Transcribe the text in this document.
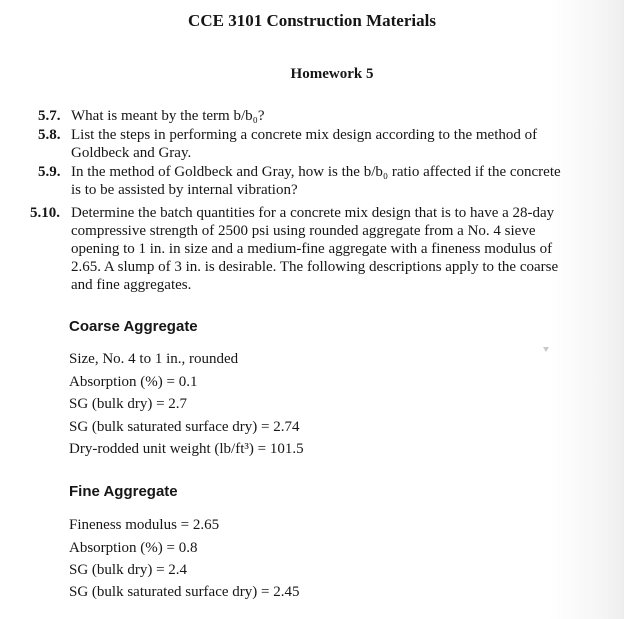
CCE 3101 Construction Materials
Homework 5
5.7. What is meant by the term b/b₀?
5.8. List the steps in performing a concrete mix design according to the method of
Goldbeck and Gray.
5.9. In the method of Goldbeck and Gray, how is the b/b₀ ratio affected if the concrete
is to be assisted by internal vibration?
5.10. Determine the batch quantities for a concrete mix design that is to have a 28-day
compressive strength of 2500 psi using rounded aggregate from a No. 4 sieve
opening to 1 in. in size and a medium-fine aggregate with a fineness modulus of
2.65. A slump of 3 in. is desirable. The following descriptions apply to the coarse
and fine aggregates.
Coarse Aggregate
Size, No. 4 to 1 in., rounded
Absorption (%) = 0.1
SG (bulk dry) = 2.7
SG (bulk saturated surface dry) = 2.74
Dry-rodded unit weight (lb/ft³) = 101.5
Fine Aggregate
Fineness modulus = 2.65
Absorption (%) = 0.8
SG (bulk dry) = 2.4
SG (bulk saturated surface dry) = 2.45
